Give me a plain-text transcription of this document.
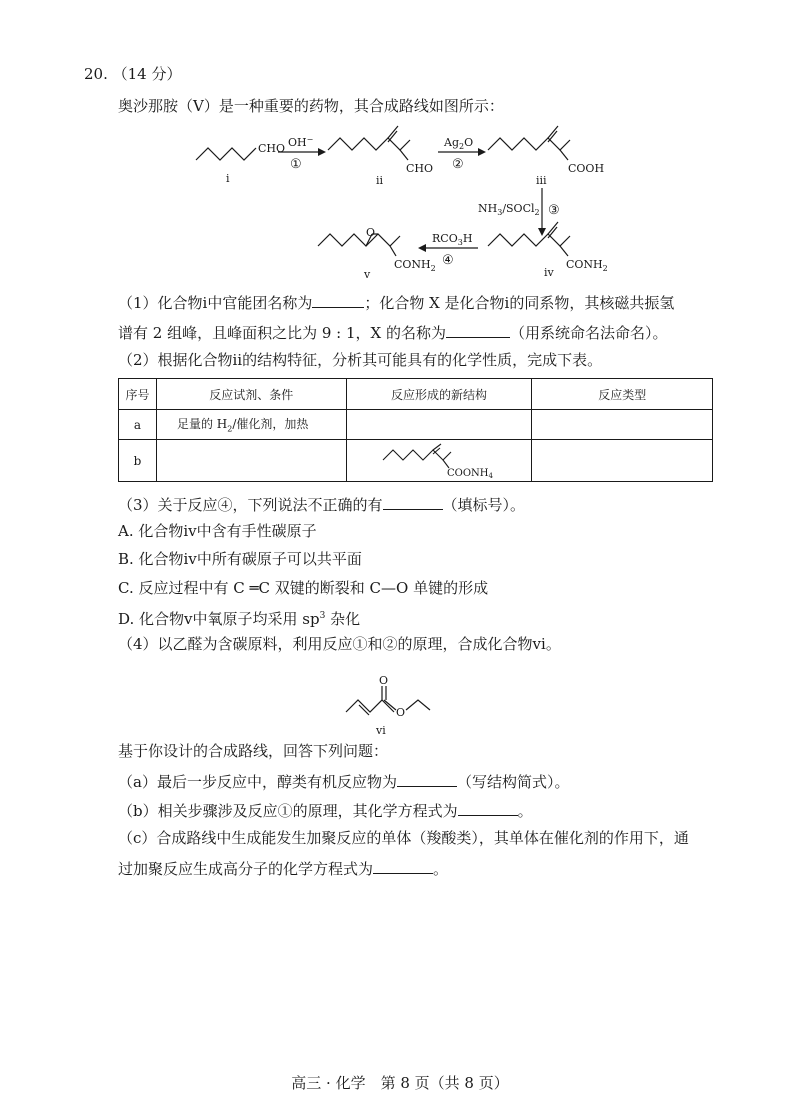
20. （14 分）
奥沙那胺（Ⅴ）是一种重要的药物，其合成路线如图所示：
CHO
CHO	COOH
$CONH_2$
$CONH_2$
O
OH−
①
$Ag_2O$
②
$NH_3/SOCl_2$ ③
$RCO_3H$
④
ⅰ	ⅱ	ⅲ
ⅳ
ⅴ
（1）化合物ⅰ中官能团名称为	；化合物 X 是化合物ⅰ的同系物，其核磁共振氢
谱有 2 组峰，且峰面积之比为 9 : 1，X 的名称为	（用系统命名法命名）。
（2）根据化合物ⅱ的结构特征，分析其可能具有的化学性质，完成下表。
序号	反应试剂、条件	反应形成的新结构	反应类型
a	足量的 $H_2/$催化剂，加热		
b		$COONH_4$

（3）关于反应④，下列说法不正确的有	（填标号）。
A. 化合物ⅳ中含有手性碳原子
B. 化合物ⅳ中所有碳原子可以共平面
C. 反应过程中有 C ═C 双键的断裂和 C—O 单键的形成
D. 化合物ⅴ中氧原子均采用 $sp^3$ 杂化
（4）以乙醛为含碳原料，利用反应①和②的原理，合成化合物ⅵ。
O
O
ⅵ
基于你设计的合成路线，回答下列问题：
（a）最后一步反应中，醇类有机反应物为	（写结构简式）。
（b）相关步骤涉及反应①的原理，其化学方程式为	。
（c）合成路线中生成能发生加聚反应的单体（羧酸类），其单体在催化剂的作用下，通
过加聚反应生成高分子的化学方程式为	。
高三 · 化学　第 8 页（共 8 页）
